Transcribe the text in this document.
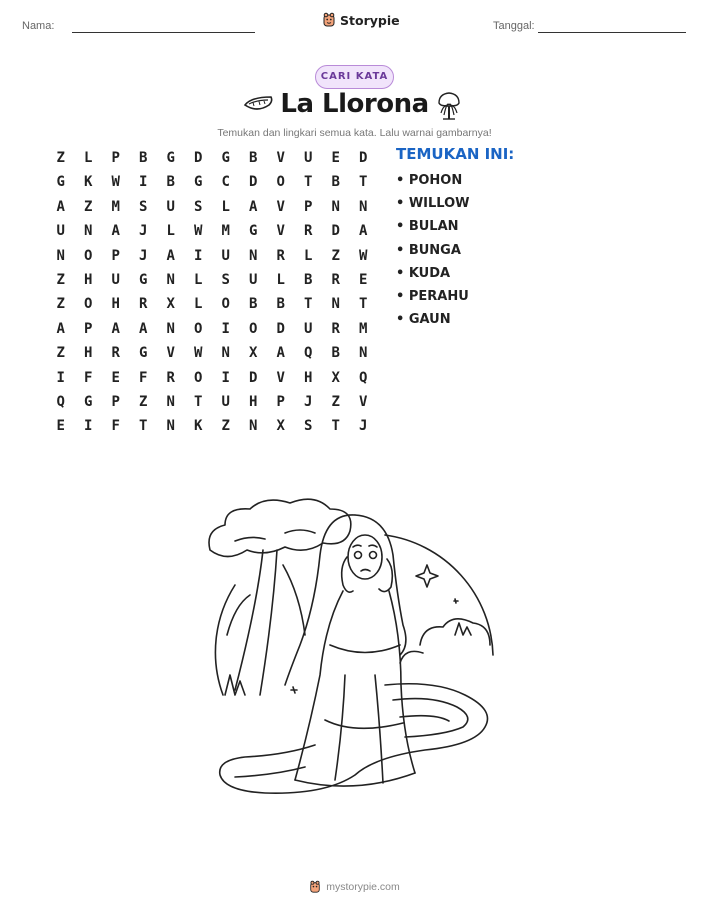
Nama:	Storypie	Tanggal:
CARI KATA
La Llorona
Temukan dan lingkari semua kata. Lalu warnai gambarnya!
Z	L	P	B	G	D	G	B	V	U	E	D
G	K	W	I	B	G	C	D	O	T	B	T
A	Z	M	S	U	S	L	A	V	P	N	N
U	N	A	J	L	W	M	G	V	R	D	A
N	O	P	J	A	I	U	N	R	L	Z	W
Z	H	U	G	N	L	S	U	L	B	R	E
Z	O	H	R	X	L	O	B	B	T	N	T
A	P	A	A	N	O	I	O	D	U	R	M
Z	H	R	G	V	W	N	X	A	Q	B	N
I	F	E	F	R	O	I	D	V	H	X	Q
Q	G	P	Z	N	T	U	H	P	J	Z	V
E	I	F	T	N	K	Z	N	X	S	T	J
TEMUKAN INI:
• POHON
• WILLOW
• BULAN
• BUNGA
• KUDA
• PERAHU
• GAUN
mystorypie.com
